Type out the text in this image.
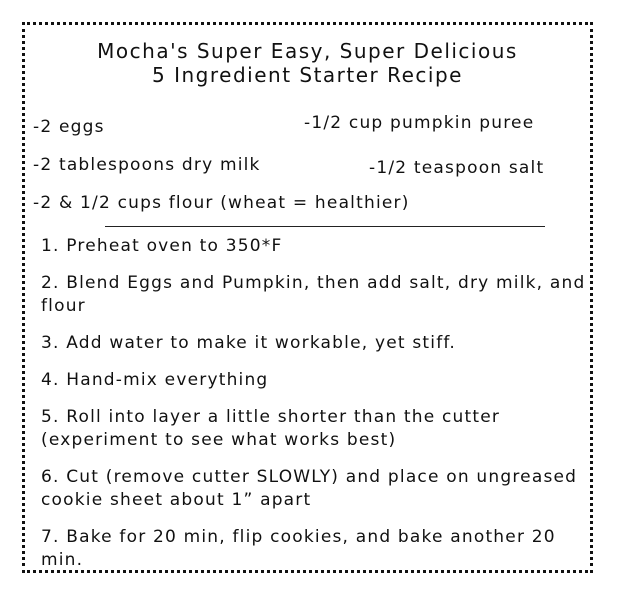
Mocha's Super Easy, Super Delicious
5 Ingredient Starter Recipe
-2 eggs	-1/2 cup pumpkin puree
-2 tablespoons dry milk	-1/2 teaspoon salt
-2 & 1/2 cups flour (wheat = healthier)
1. Preheat oven to 350*F
2. Blend Eggs and Pumpkin, then add salt, dry milk, and flour
3. Add water to make it workable, yet stiff.
4. Hand-mix everything
5. Roll into layer a little shorter than the cutter (experiment to see what works best)
6. Cut (remove cutter SLOWLY) and place on ungreased cookie sheet about 1” apart
7. Bake for 20 min, flip cookies, and bake another 20 min.
